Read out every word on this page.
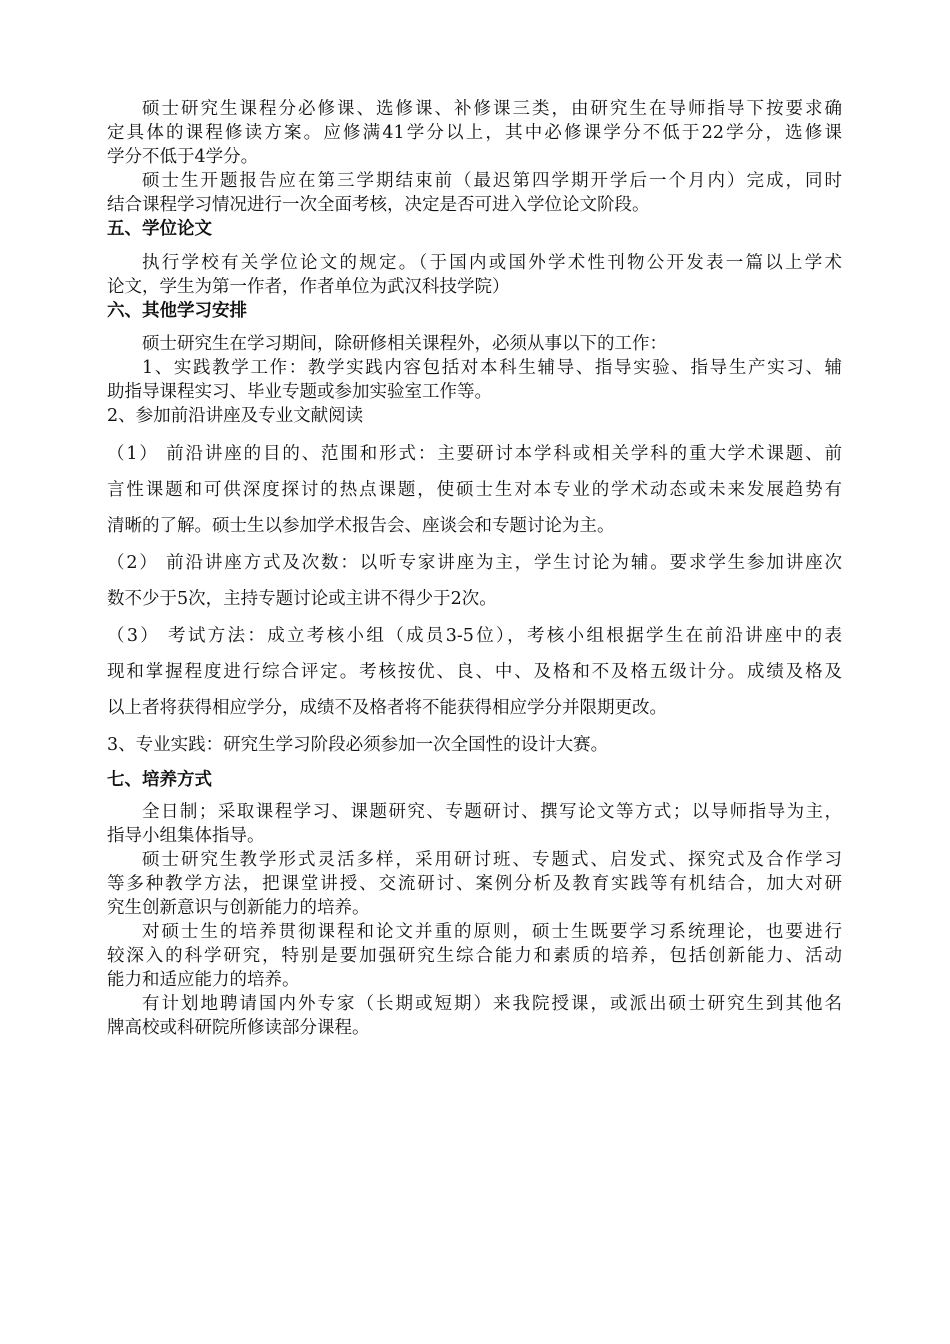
硕士研究生课程分必修课、选修课、补修课三类，由研究生在导师指导下按要求确
定具体的课程修读方案。应修满41学分以上，其中必修课学分不低于22学分，选修课
学分不低于4学分。
硕士生开题报告应在第三学期结束前（最迟第四学期开学后一个月内）完成，同时
结合课程学习情况进行一次全面考核，决定是否可进入学位论文阶段。
五、学位论文
执行学校有关学位论文的规定。（于国内或国外学术性刊物公开发表一篇以上学术
论文，学生为第一作者，作者单位为武汉科技学院）
六、其他学习安排
硕士研究生在学习期间，除研修相关课程外，必须从事以下的工作：
1、实践教学工作：教学实践内容包括对本科生辅导、指导实验、指导生产实习、辅
助指导课程实习、毕业专题或参加实验室工作等。
2、参加前沿讲座及专业文献阅读
（1） 前沿讲座的目的、范围和形式：主要研讨本学科或相关学科的重大学术课题、前
言性课题和可供深度探讨的热点课题，使硕士生对本专业的学术动态或未来发展趋势有
清晰的了解。硕士生以参加学术报告会、座谈会和专题讨论为主。
（2） 前沿讲座方式及次数：以听专家讲座为主，学生讨论为辅。要求学生参加讲座次
数不少于5次，主持专题讨论或主讲不得少于2次。
（3） 考试方法：成立考核小组（成员3-5位），考核小组根据学生在前沿讲座中的表
现和掌握程度进行综合评定。考核按优、良、中、及格和不及格五级计分。成绩及格及
以上者将获得相应学分，成绩不及格者将不能获得相应学分并限期更改。
3、专业实践：研究生学习阶段必须参加一次全国性的设计大赛。
七、培养方式
全日制；采取课程学习、课题研究、专题研讨、撰写论文等方式；以导师指导为主，
指导小组集体指导。
硕士研究生教学形式灵活多样，采用研讨班、专题式、启发式、探究式及合作学习
等多种教学方法，把课堂讲授、交流研讨、案例分析及教育实践等有机结合，加大对研
究生创新意识与创新能力的培养。
对硕士生的培养贯彻课程和论文并重的原则，硕士生既要学习系统理论，也要进行
较深入的科学研究，特别是要加强研究生综合能力和素质的培养，包括创新能力、活动
能力和适应能力的培养。
有计划地聘请国内外专家（长期或短期）来我院授课，或派出硕士研究生到其他名
牌高校或科研院所修读部分课程。
